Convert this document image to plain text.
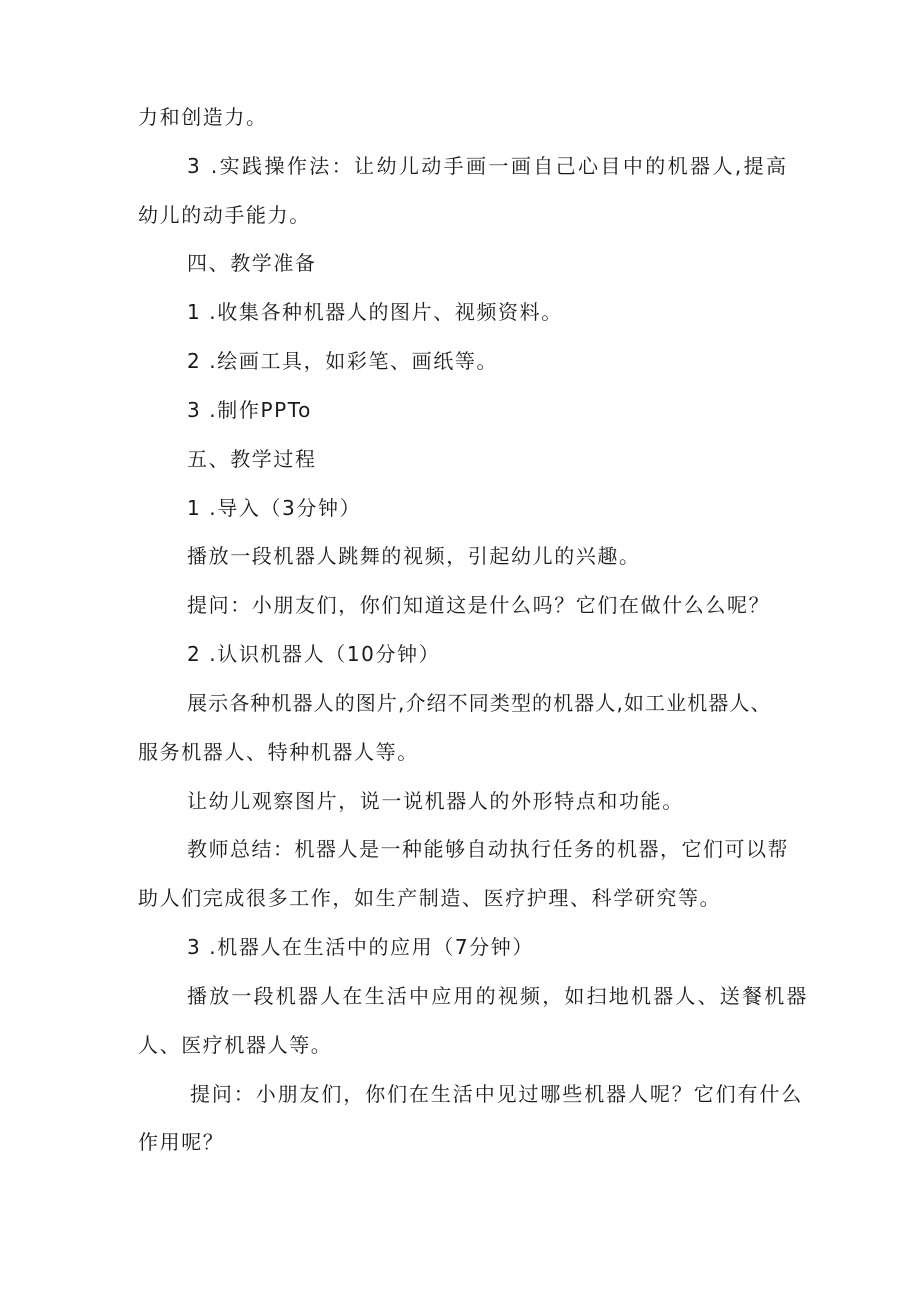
力和创造力。
3 .实践操作法：让幼儿动手画一画自己心目中的机器人,提高
幼儿的动手能力。
四、教学准备
1 .收集各种机器人的图片、视频资料。
2 .绘画工具，如彩笔、画纸等。
3 .制作PPTo
五、教学过程
1 .导入（3分钟）
播放一段机器人跳舞的视频，引起幼儿的兴趣。
提问：小朋友们，你们知道这是什么吗？它们在做什么么呢？
2 .认识机器人（10分钟）
展示各种机器人的图片,介绍不同类型的机器人,如工业机器人、
服务机器人、特种机器人等。
让幼儿观察图片，说一说机器人的外形特点和功能。
教师总结：机器人是一种能够自动执行任务的机器，它们可以帮
助人们完成很多工作，如生产制造、医疗护理、科学研究等。
3 .机器人在生活中的应用（7分钟）
播放一段机器人在生活中应用的视频，如扫地机器人、送餐机器
人、医疗机器人等。
提问：小朋友们，你们在生活中见过哪些机器人呢？它们有什么
作用呢？
